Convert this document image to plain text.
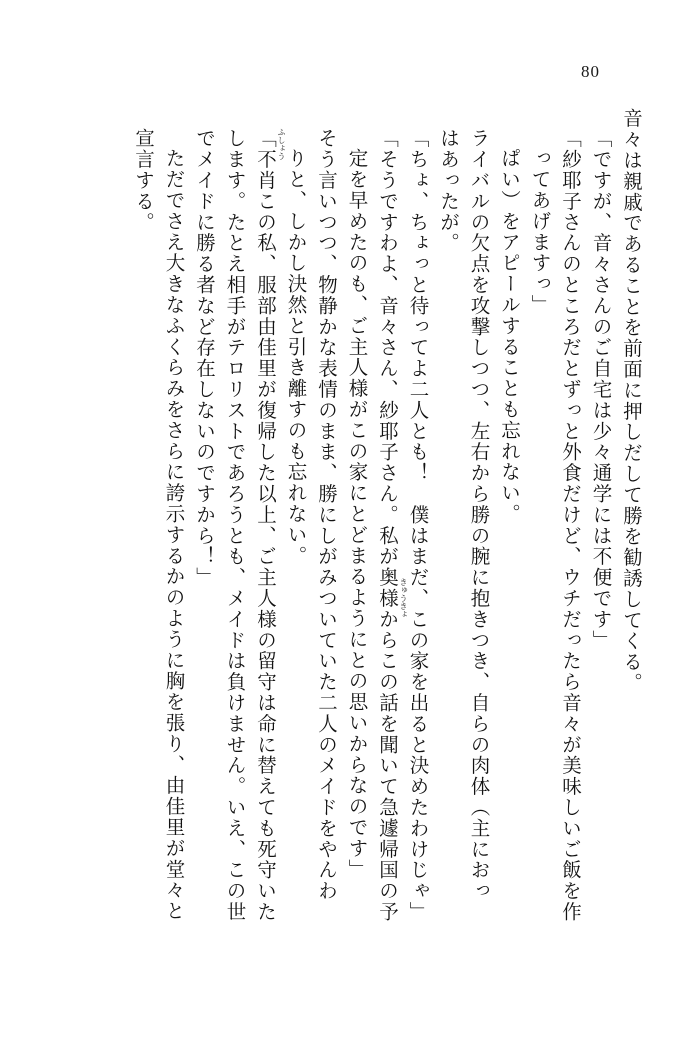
80
音々は親戚であることを前面に押しだして勝を勧誘してくる。
「ですが、音々さんのご自宅は少々通学には不便です」
「紗耶子さんのところだとずっと外食だけど、ウチだったら音々が美味しいご飯を作
ってあげますっ」
ぱい）をアピールすることも忘れない。
ライバルの欠点を攻撃しつつ、左右から勝の腕に抱きつき、自らの肉体（主におっ
はあったが。
「ちょ、ちょっと待ってよ二人とも！　僕はまだ、この家を出ると決めたわけじゃ」
きゅうきょ
「そうですわよ、音々さん、紗耶子さん。私が奥様からこの話を聞いて急遽帰国の予
定を早めたのも、ご主人様がこの家にとどまるようにとの思いからなのです」
そう言いつつ、物静かな表情のまま、勝にしがみついていた二人のメイドをやんわ
りと、しかし決然と引き離すのも忘れない。
ふしょう
「不肖この私、服部由佳里が復帰した以上、ご主人様の留守は命に替えても死守いた
します。たとえ相手がテロリストであろうとも、メイドは負けません。いえ、この世
でメイドに勝る者など存在しないのですから！」
ただでさえ大きなふくらみをさらに誇示するかのように胸を張り、由佳里が堂々と
宣言する。
